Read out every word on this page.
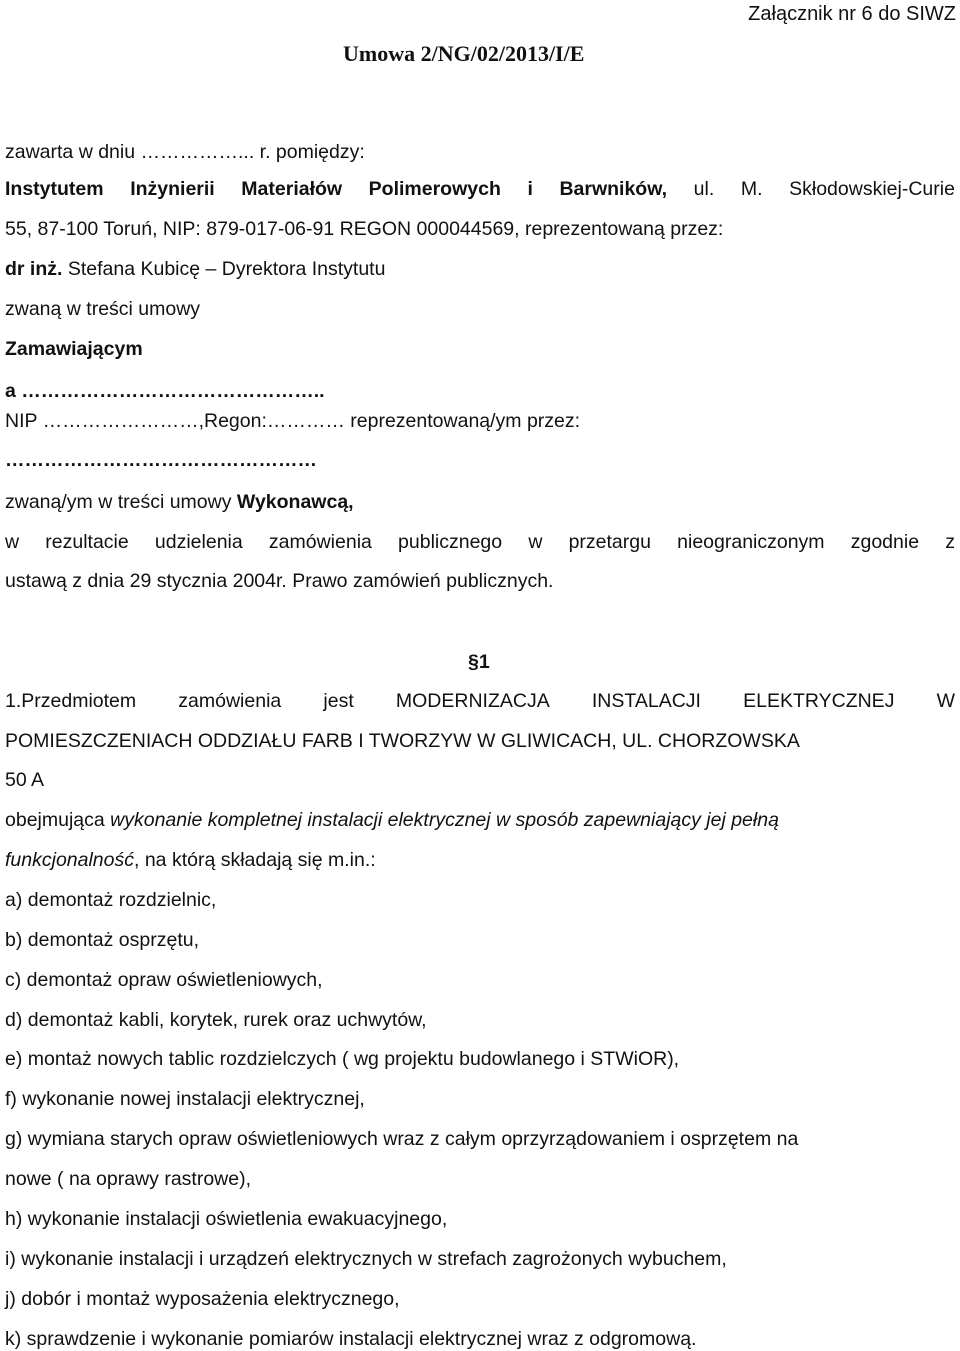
Załącznik nr 6 do SIWZ
Umowa 2/NG/02/2013/I/E
zawarta w dniu ……………... r. pomiędzy:
Instytutem Inżynierii Materiałów Polimerowych i Barwników, ul. M. Skłodowskiej-Curie
55, 87-100 Toruń, NIP: 879-017-06-91 REGON 000044569, reprezentowaną przez:
dr inż. Stefana Kubicę – Dyrektora Instytutu
zwaną w treści umowy
Zamawiającym
a ………………………………………..
NIP ……………………,Regon:………… reprezentowaną/ym przez:
…………………………………………
zwaną/ym w treści umowy Wykonawcą,
w rezultacie udzielenia zamówienia publicznego w przetargu nieograniczonym zgodnie z
ustawą z dnia 29 stycznia 2004r. Prawo zamówień publicznych.
§1
1.Przedmiotem zamówienia jest MODERNIZACJA INSTALACJI ELEKTRYCZNEJ W
POMIESZCZENIACH ODDZIAŁU FARB I TWORZYW W GLIWICACH, UL. CHORZOWSKA
50 A
obejmująca wykonanie kompletnej instalacji elektrycznej w sposób zapewniający jej pełną
funkcjonalność, na którą składają się m.in.:
a) demontaż rozdzielnic,
b) demontaż osprzętu,
c) demontaż opraw oświetleniowych,
d) demontaż kabli, korytek, rurek oraz uchwytów,
e) montaż nowych tablic rozdzielczych ( wg projektu budowlanego i STWiOR),
f) wykonanie nowej instalacji elektrycznej,
g) wymiana starych opraw oświetleniowych wraz z całym oprzyrządowaniem i osprzętem na
nowe ( na oprawy rastrowe),
h) wykonanie instalacji oświetlenia ewakuacyjnego,
i) wykonanie instalacji i urządzeń elektrycznych w strefach zagrożonych wybuchem,
j) dobór i montaż wyposażenia elektrycznego,
k) sprawdzenie i wykonanie pomiarów instalacji elektrycznej wraz z odgromową.
